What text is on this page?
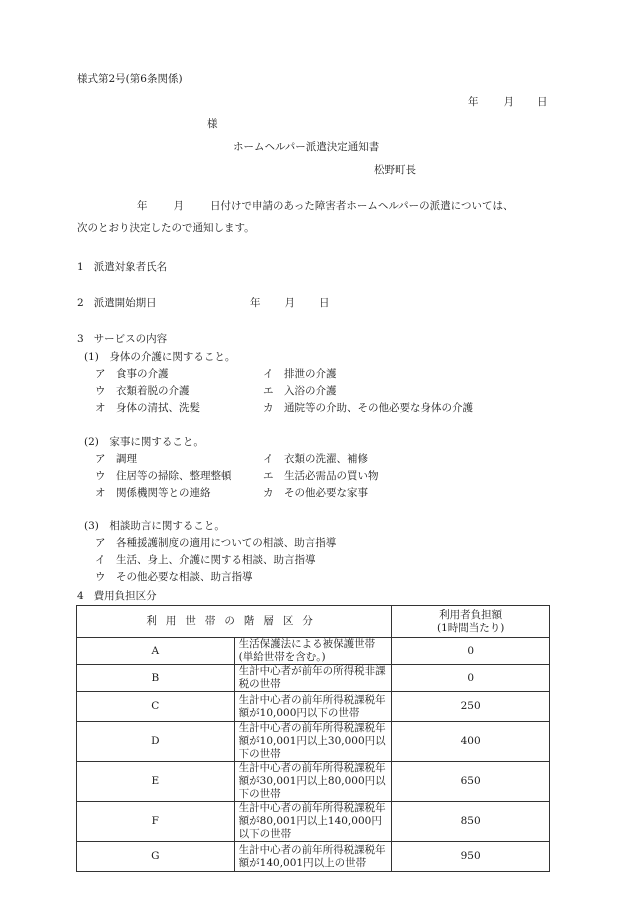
様式第2号(第6条関係)
年 月 日
様
ホームヘルパー派遣決定通知書
松野町長
年 月 日付けで申請のあった障害者ホームヘルパーの派遣については、
次のとおり決定したので通知します。
1 派遣対象者氏名
2 派遣開始期日	年 月 日
3 サービスの内容
(1)　身体の介護に関すること。
ア　食事の介護	イ　排泄の介護
ウ　衣類着脱の介護	エ　入浴の介護
オ　身体の清拭、洗髪	カ　通院等の介助、その他必要な身体の介護
(2)　家事に関すること。
ア　調理	イ　衣類の洗濯、補修
ウ　住居等の掃除、整理整頓	エ　生活必需品の買い物
オ　関係機関等との連絡	カ　その他必要な家事
(3)　相談助言に関すること。
ア　各種援護制度の適用についての相談、助言指導
イ　生活、身上、介護に関する相談、助言指導
ウ　その他必要な相談、助言指導
4 費用負担区分
利用世帯の階層区分		利用者負担額
(1時間当たり)

A	生活保護法による被保護世帯(単給世帯を含む。)	0
B	生計中心者が前年の所得税非課税の世帯	0
C	生計中心者の前年所得税課税年額が10,000円以下の世帯	250
D	生計中心者の前年所得税課税年額が10,001円以上30,000円以下の世帯	400
E	生計中心者の前年所得税課税年額が30,001円以上80,000円以下の世帯	650
F	生計中心者の前年所得税課税年額が80,001円以上140,000円以下の世帯	850
G	生計中心者の前年所得税課税年額が140,001円以上の世帯	950
